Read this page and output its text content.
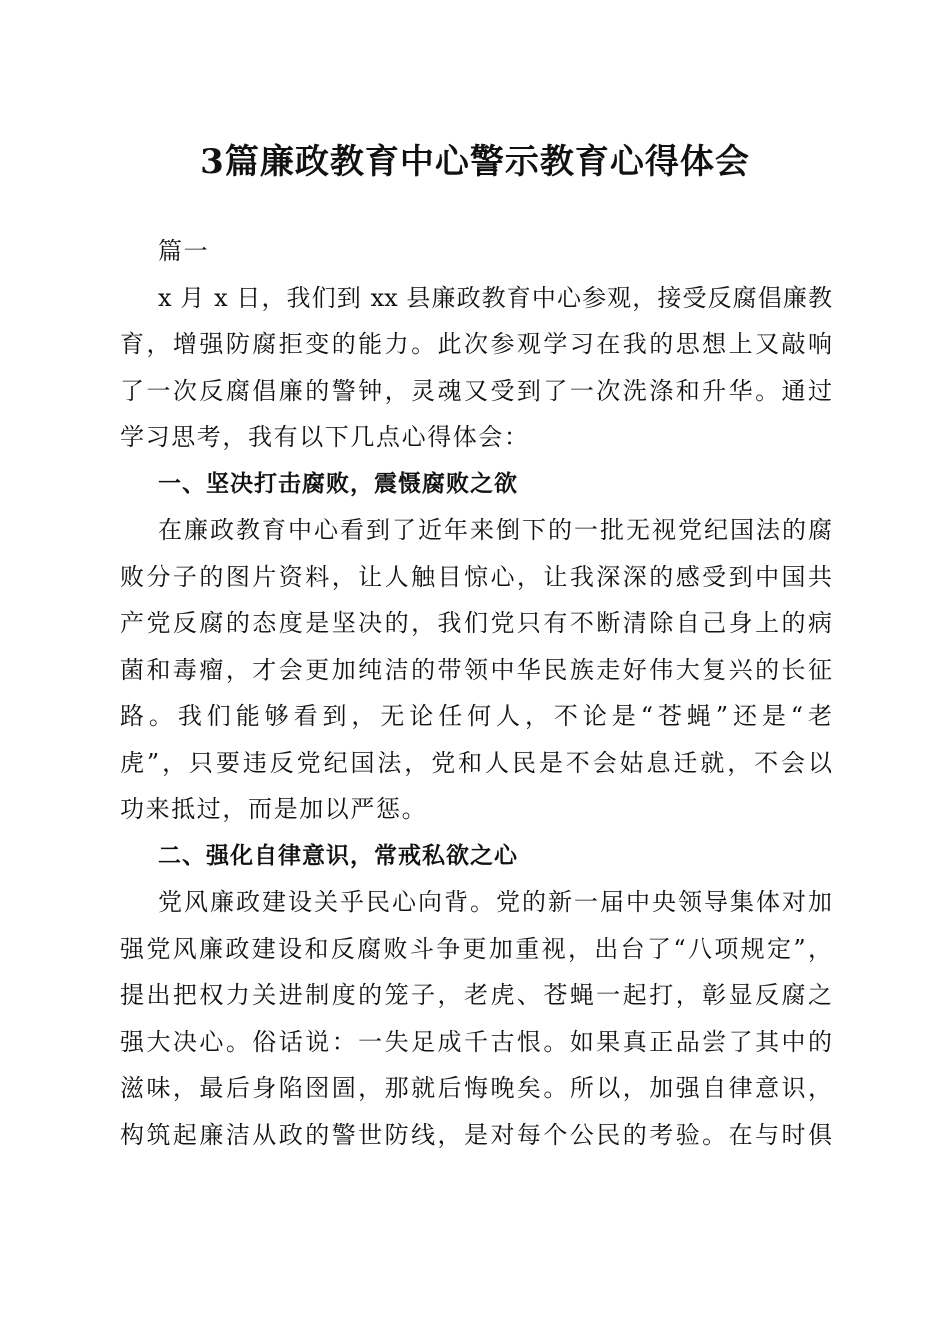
3篇廉政教育中心警示教育心得体会
篇一
x 月 x 日，我们到 xx 县廉政教育中心参观，接受反腐倡廉教
育，增强防腐拒变的能力。此次参观学习在我的思想上又敲响
了一次反腐倡廉的警钟，灵魂又受到了一次洗涤和升华。通过
学习思考，我有以下几点心得体会：
一、坚决打击腐败，震慑腐败之欲
在廉政教育中心看到了近年来倒下的一批无视党纪国法的腐
败分子的图片资料，让人触目惊心，让我深深的感受到中国共
产党反腐的态度是坚决的，我们党只有不断清除自己身上的病
菌和毒瘤，才会更加纯洁的带领中华民族走好伟大复兴的长征
路。我们能够看到，无论任何人，不论是“苍蝇”还是“老
虎”，只要违反党纪国法，党和人民是不会姑息迁就，不会以
功来抵过，而是加以严惩。
二、强化自律意识，常戒私欲之心
党风廉政建设关乎民心向背。党的新一届中央领导集体对加
强党风廉政建设和反腐败斗争更加重视，出台了“八项规定”，
提出把权力关进制度的笼子，老虎、苍蝇一起打，彰显反腐之
强大决心。俗话说：一失足成千古恨。如果真正品尝了其中的
滋味，最后身陷囹圄，那就后悔晚矣。所以，加强自律意识，
构筑起廉洁从政的警世防线，是对每个公民的考验。在与时俱
